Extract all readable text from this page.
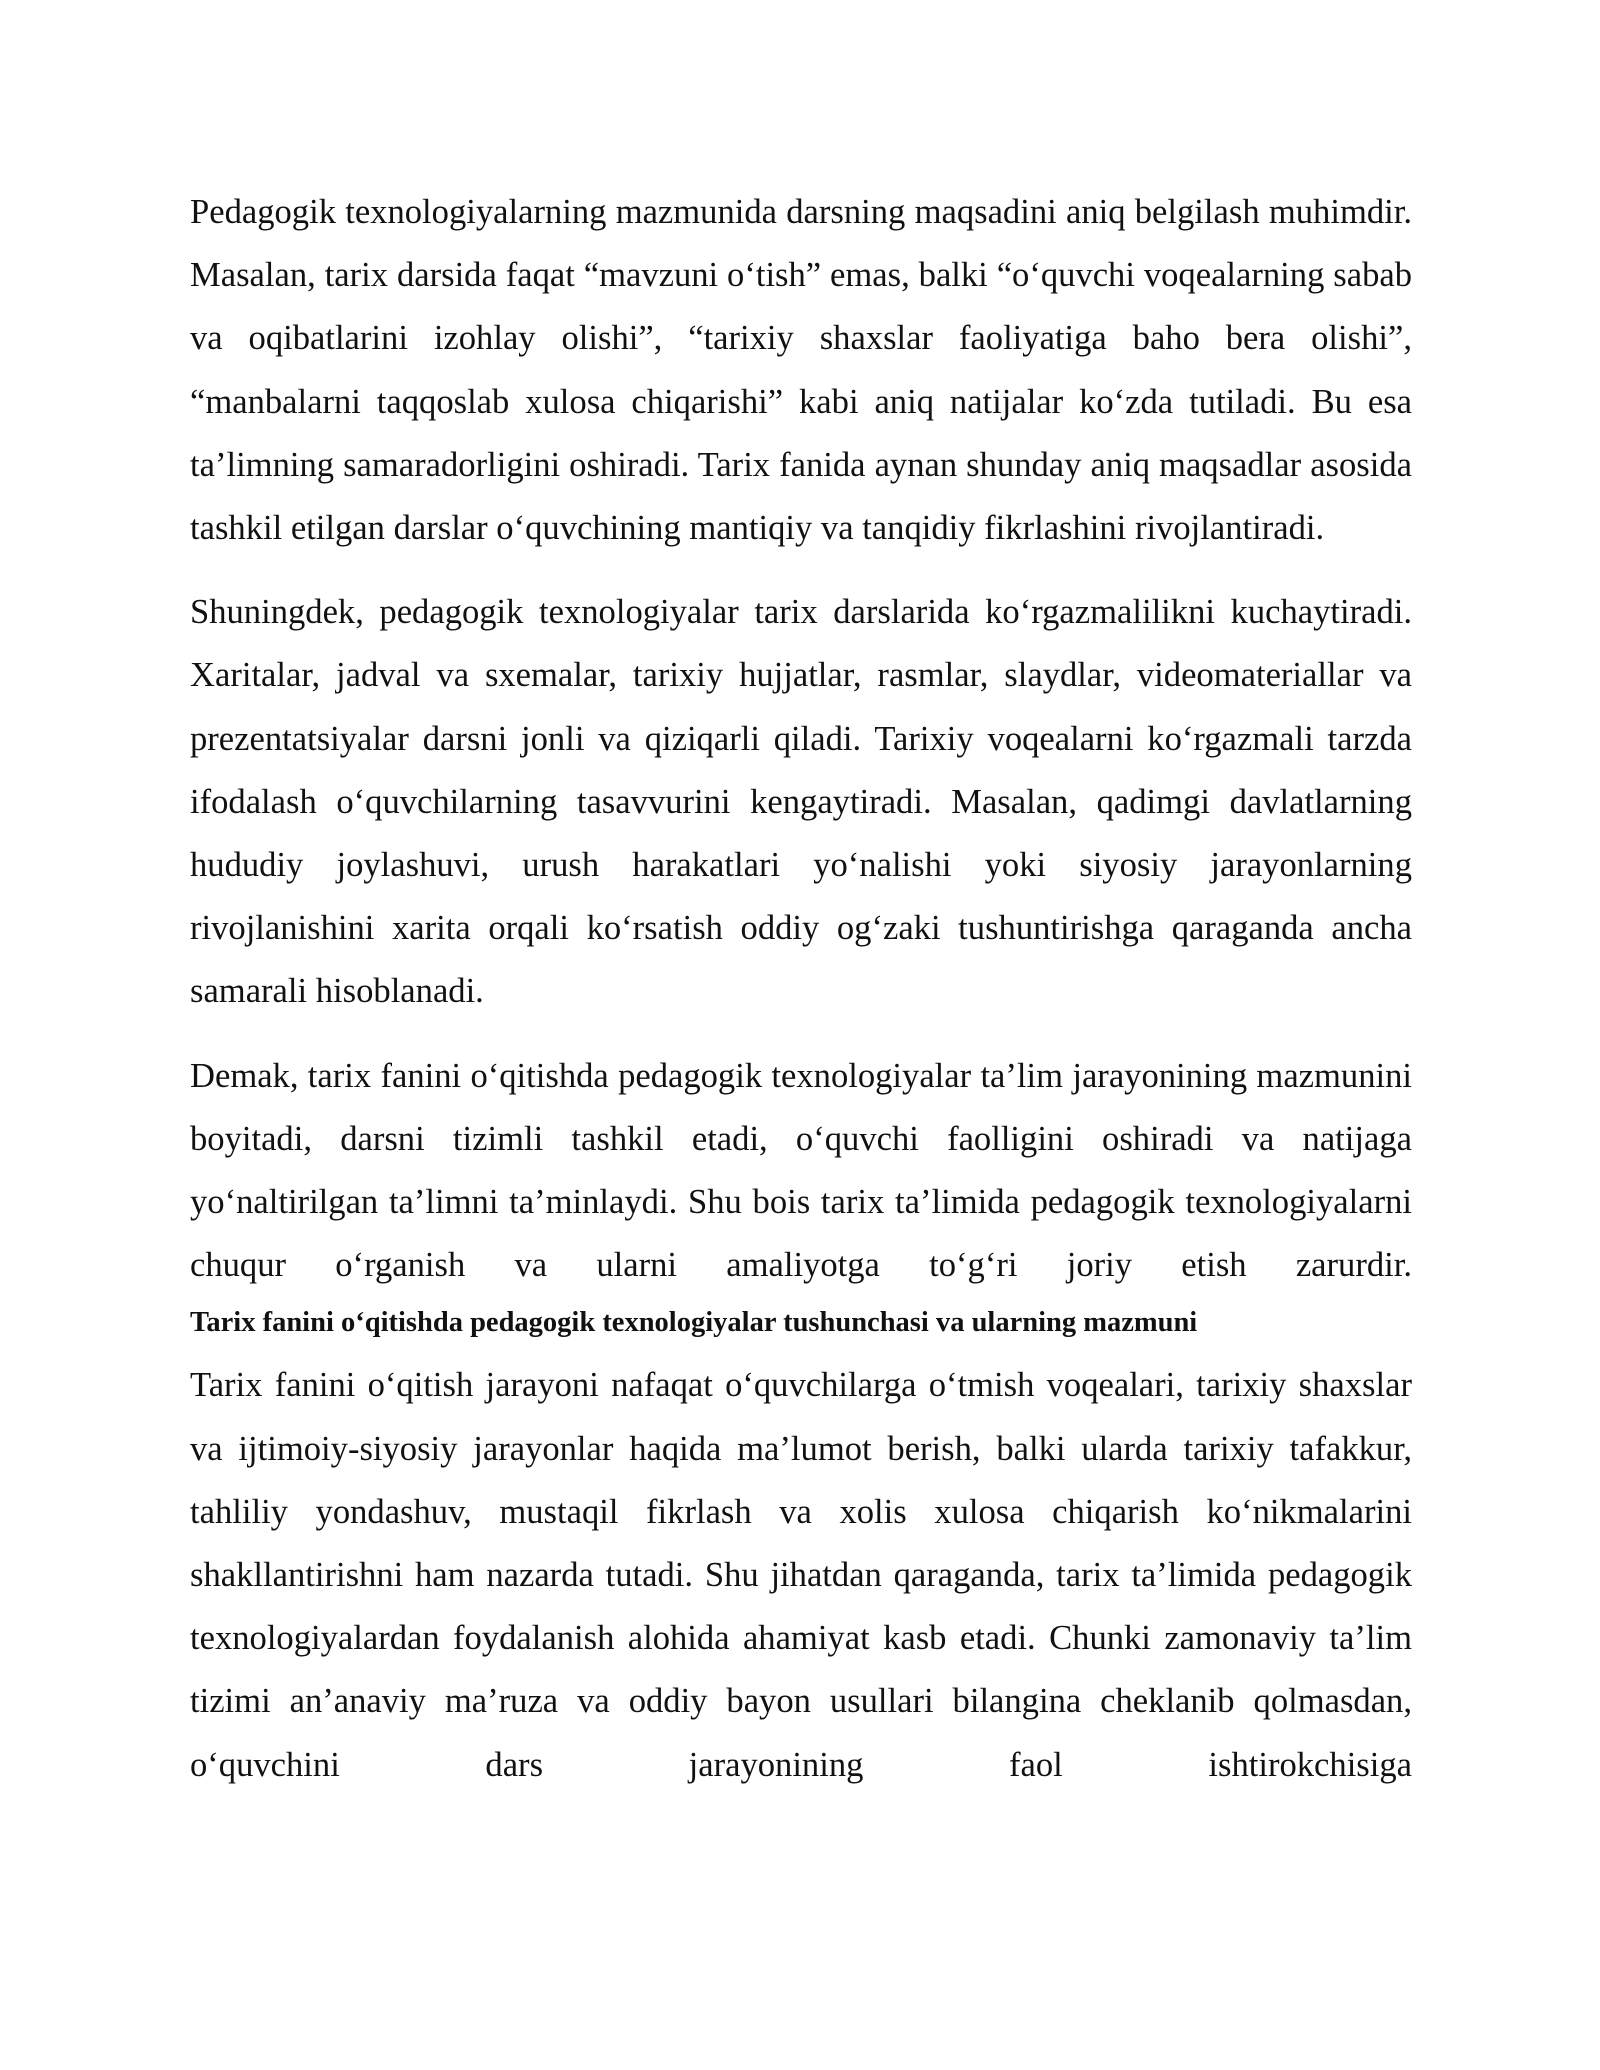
Pedagogik texnologiyalarning mazmunida darsning maqsadini aniq belgilash muhimdir. Masalan, tarix darsida faqat “mavzuni o‘tish” emas, balki “o‘quvchi voqealarning sabab va oqibatlarini izohlay olishi”, “tarixiy shaxslar faoliyatiga baho bera olishi”, “manbalarni taqqoslab xulosa chiqarishi” kabi aniq natijalar ko‘zda tutiladi. Bu esa ta’limning samaradorligini oshiradi. Tarix fanida aynan shunday aniq maqsadlar asosida tashkil etilgan darslar o‘quvchining mantiqiy va tanqidiy fikrlashini rivojlantiradi.

Shuningdek, pedagogik texnologiyalar tarix darslarida ko‘rgazmalilikni kuchaytiradi. Xaritalar, jadval va sxemalar, tarixiy hujjatlar, rasmlar, slaydlar, videomateriallar va prezentatsiyalar darsni jonli va qiziqarli qiladi. Tarixiy voqealarni ko‘rgazmali tarzda ifodalash o‘quvchilarning tasavvurini kengaytiradi. Masalan, qadimgi davlatlarning hududiy joylashuvi, urush harakatlari yo‘nalishi yoki siyosiy jarayonlarning rivojlanishini xarita orqali ko‘rsatish oddiy og‘zaki tushuntirishga qaraganda ancha samarali hisoblanadi.

Demak, tarix fanini o‘qitishda pedagogik texnologiyalar ta’lim jarayonining mazmunini boyitadi, darsni tizimli tashkil etadi, o‘quvchi faolligini oshiradi va natijaga yo‘naltirilgan ta’limni ta’minlaydi. Shu bois tarix ta’limida pedagogik texnologiyalarni chuqur o‘rganish va ularni amaliyotga to‘g‘ri joriy etish zarurdir.

Tarix fanini o‘qitishda pedagogik texnologiyalar tushunchasi va ularning mazmuni

Tarix fanini o‘qitish jarayoni nafaqat o‘quvchilarga o‘tmish voqealari, tarixiy shaxslar va ijtimoiy-siyosiy jarayonlar haqida ma’lumot berish, balki ularda tarixiy tafakkur, tahliliy yondashuv, mustaqil fikrlash va xolis xulosa chiqarish ko‘nikmalarini shakllantirishni ham nazarda tutadi. Shu jihatdan qaraganda, tarix ta’limida pedagogik texnologiyalardan foydalanish alohida ahamiyat kasb etadi. Chunki zamonaviy ta’lim tizimi an’anaviy ma’ruza va oddiy bayon usullari bilangina cheklanib qolmasdan, o‘quvchini dars jarayonining faol ishtirokchisiga
